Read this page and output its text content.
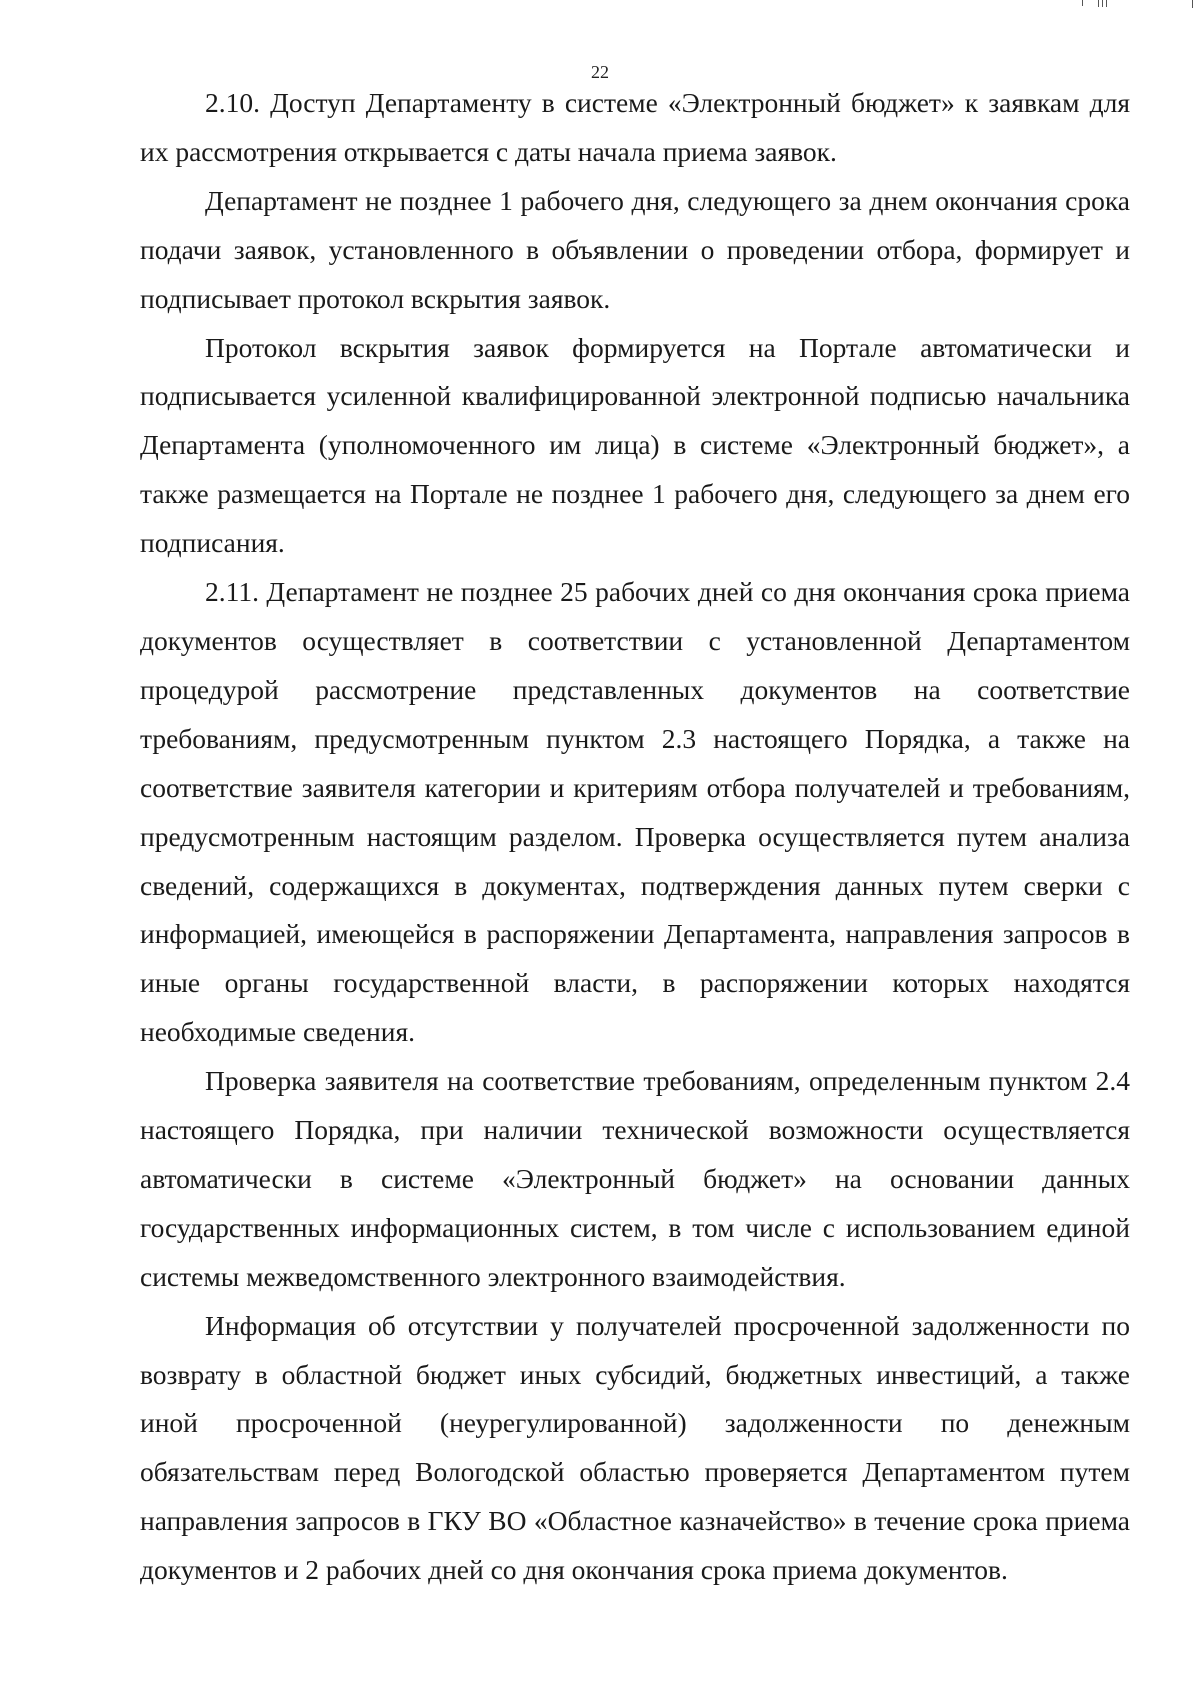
22

2.10. Доступ Департаменту в системе «Электронный бюджет» к заявкам для их рассмотрения открывается с даты начала приема заявок.

Департамент не позднее 1 рабочего дня, следующего за днем окончания срока подачи заявок, установленного в объявлении о проведении отбора, формирует и подписывает протокол вскрытия заявок.

Протокол вскрытия заявок формируется на Портале автоматически и подписывается усиленной квалифицированной электронной подписью начальника Департамента (уполномоченного им лица) в системе «Электронный бюджет», а также размещается на Портале не позднее 1 рабочего дня, следующего за днем его подписания.

2.11. Департамент не позднее 25 рабочих дней со дня окончания срока приема документов осуществляет в соответствии с установленной Департаментом процедурой рассмотрение представленных документов на соответствие требованиям, предусмотренным пунктом 2.3 настоящего Порядка, а также на соответствие заявителя категории и критериям отбора получателей и требованиям, предусмотренным настоящим разделом. Проверка осуществляется путем анализа сведений, содержащихся в документах, подтверждения данных путем сверки с информацией, имеющейся в распоряжении Департамента, направления запросов в иные органы государственной власти, в распоряжении которых находятся необходимые сведения.

Проверка заявителя на соответствие требованиям, определенным пунктом 2.4 настоящего Порядка, при наличии технической возможности осуществляется автоматически в системе «Электронный бюджет» на основании данных государственных информационных систем, в том числе с использованием единой системы межведомственного электронного взаимодействия.

Информация об отсутствии у получателей просроченной задолженности по возврату в областной бюджет иных субсидий, бюджетных инвестиций, а также иной просроченной (неурегулированной) задолженности по денежным обязательствам перед Вологодской областью проверяется Департаментом путем направления запросов в ГКУ ВО «Областное казначейство» в течение срока приема документов и 2 рабочих дней со дня окончания срока приема документов.
